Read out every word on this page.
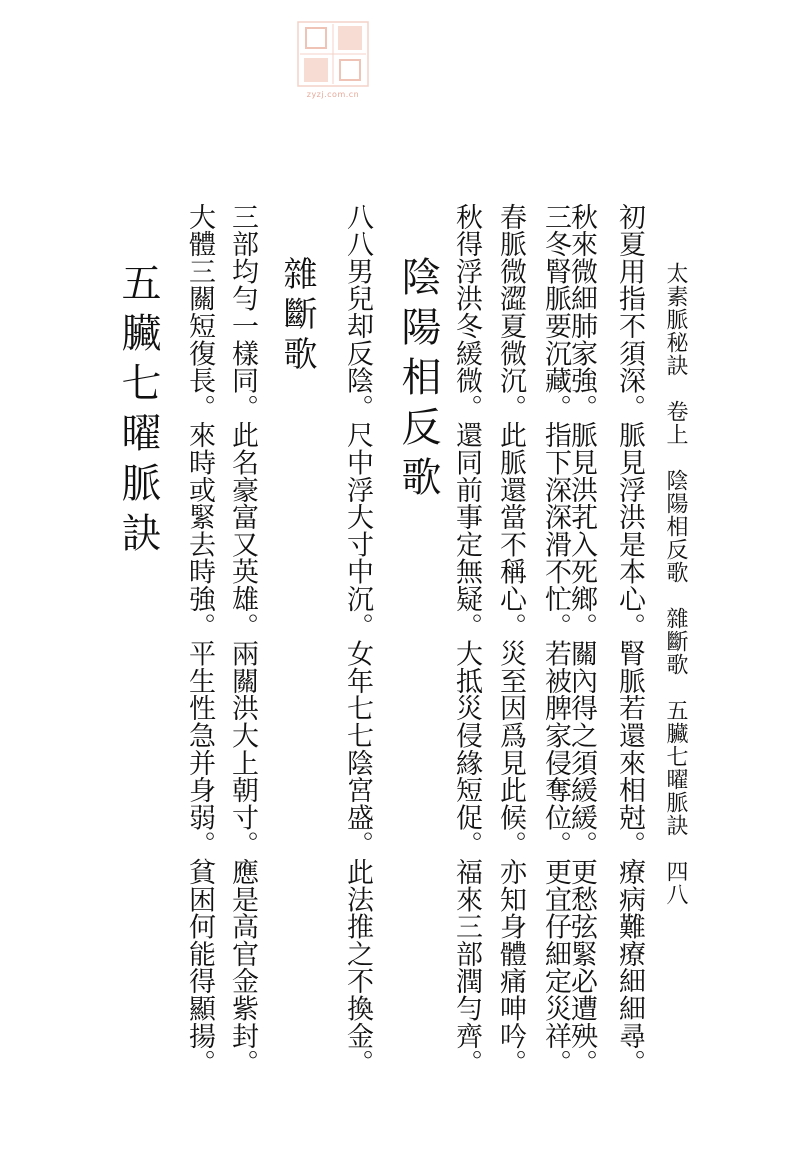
zyzj.com.cn
太素脈秘訣　卷上　陰陽相反歌　雜斷歌　五臟七曜脈訣　四八
初夏用指不須深。脈見浮洪是本心。腎脈若還來相尅。療病難療細細尋。
秋來微細肺家強。脈見洪芤入死鄉。關內得之須緩緩。更愁弦緊必遭殃。
三冬腎脈要沉藏。指下深深滑不忙。若被脾家侵奪位。更宜仔細定災祥。
春脈微澀夏微沉。此脈還當不稱心。災至因爲見此候。亦知身體痛呻吟。
秋得浮洪冬緩微。還同前事定無疑。大抵災侵緣短促。福來三部潤勻齊。
陰陽相反歌
八八男兒却反陰。尺中浮大寸中沉。女年七七陰宮盛。此法推之不換金。
雜斷歌
三部均勻一樣同。此名豪富又英雄。兩關洪大上朝寸。應是高官金紫封。
大體三關短復長。來時或緊去時強。平生性急并身弱。貧困何能得顯揚。
五臟七曜脈訣
